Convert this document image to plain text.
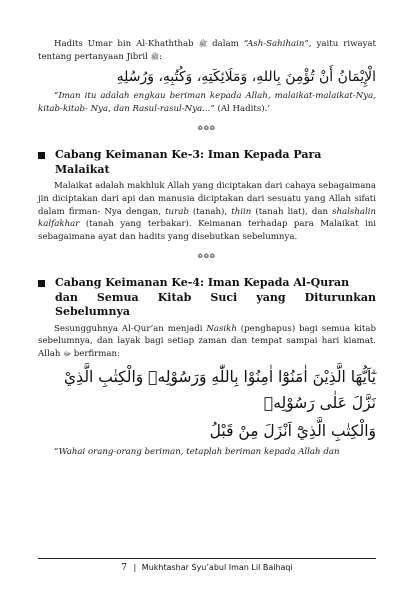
Hadits Umar bin Al-Khaththab ﷺ dalam “Ash-Sahihain”, yaitu riwayat tentang pertanyaan Jibril ﷺ:

الْإِيْمَانُ أَنْ تُؤْمِنَ بِاللهِ، وَمَلَائِكَتِهِ، وَكُتُبِهِ، وَرُسُلِهِ

“Iman itu adalah engkau beriman kepada Allah, malaikat-malaikat-Nya, kitab-kitab- Nya, dan Rasul-rasul-Nya...” (Al Hadits).’

❂❂❂
Cabang Keimanan Ke-3: Iman Kepada Para
Malaikat

Malaikat adalah makhluk Allah yang diciptakan dari cahaya sebagaimana jin diciptakan dari api dan manusia diciptakan dari sesuatu yang Allah sifati dalam firman- Nya dengan, turab (tanah), thiin (tanah liat), dan shalshalin kalfakhar (tanah yang terbakar). Keimanan terhadap para Malaikat ini sebagaimana ayat dan hadits yang disebutkan sebelumnya.

❂❂❂
Cabang Keimanan Ke-4: Iman Kepada Al-Quran
dan Semua Kitab Suci yang Diturunkan
Sebelumnya

Sesungguhnya Al-Qur’an menjadi Nasikh (penghapus) bagi semua kitab sebelumnya, dan layak bagi setiap zaman dan tempat sampai hari kiamat. Allah ﷻ berfirman:

يٰٓاَيُّهَا الَّذِيْنَ اٰمَنُوْٓا اٰمِنُوْا بِاللّٰهِ وَرَسُوْلِهٖ وَالْكِتٰبِ الَّذِيْ نَزَّلَ عَلٰى رَسُوْلِهٖ
وَالْكِتٰبِ الَّذِيْٓ اَنْزَلَ مِنْ قَبْلُ

“Wahai orang-orang beriman, tetaplah beriman kepada Allah dan

7 | Mukhtashar Syu’abul Iman Lil Baihaqi
